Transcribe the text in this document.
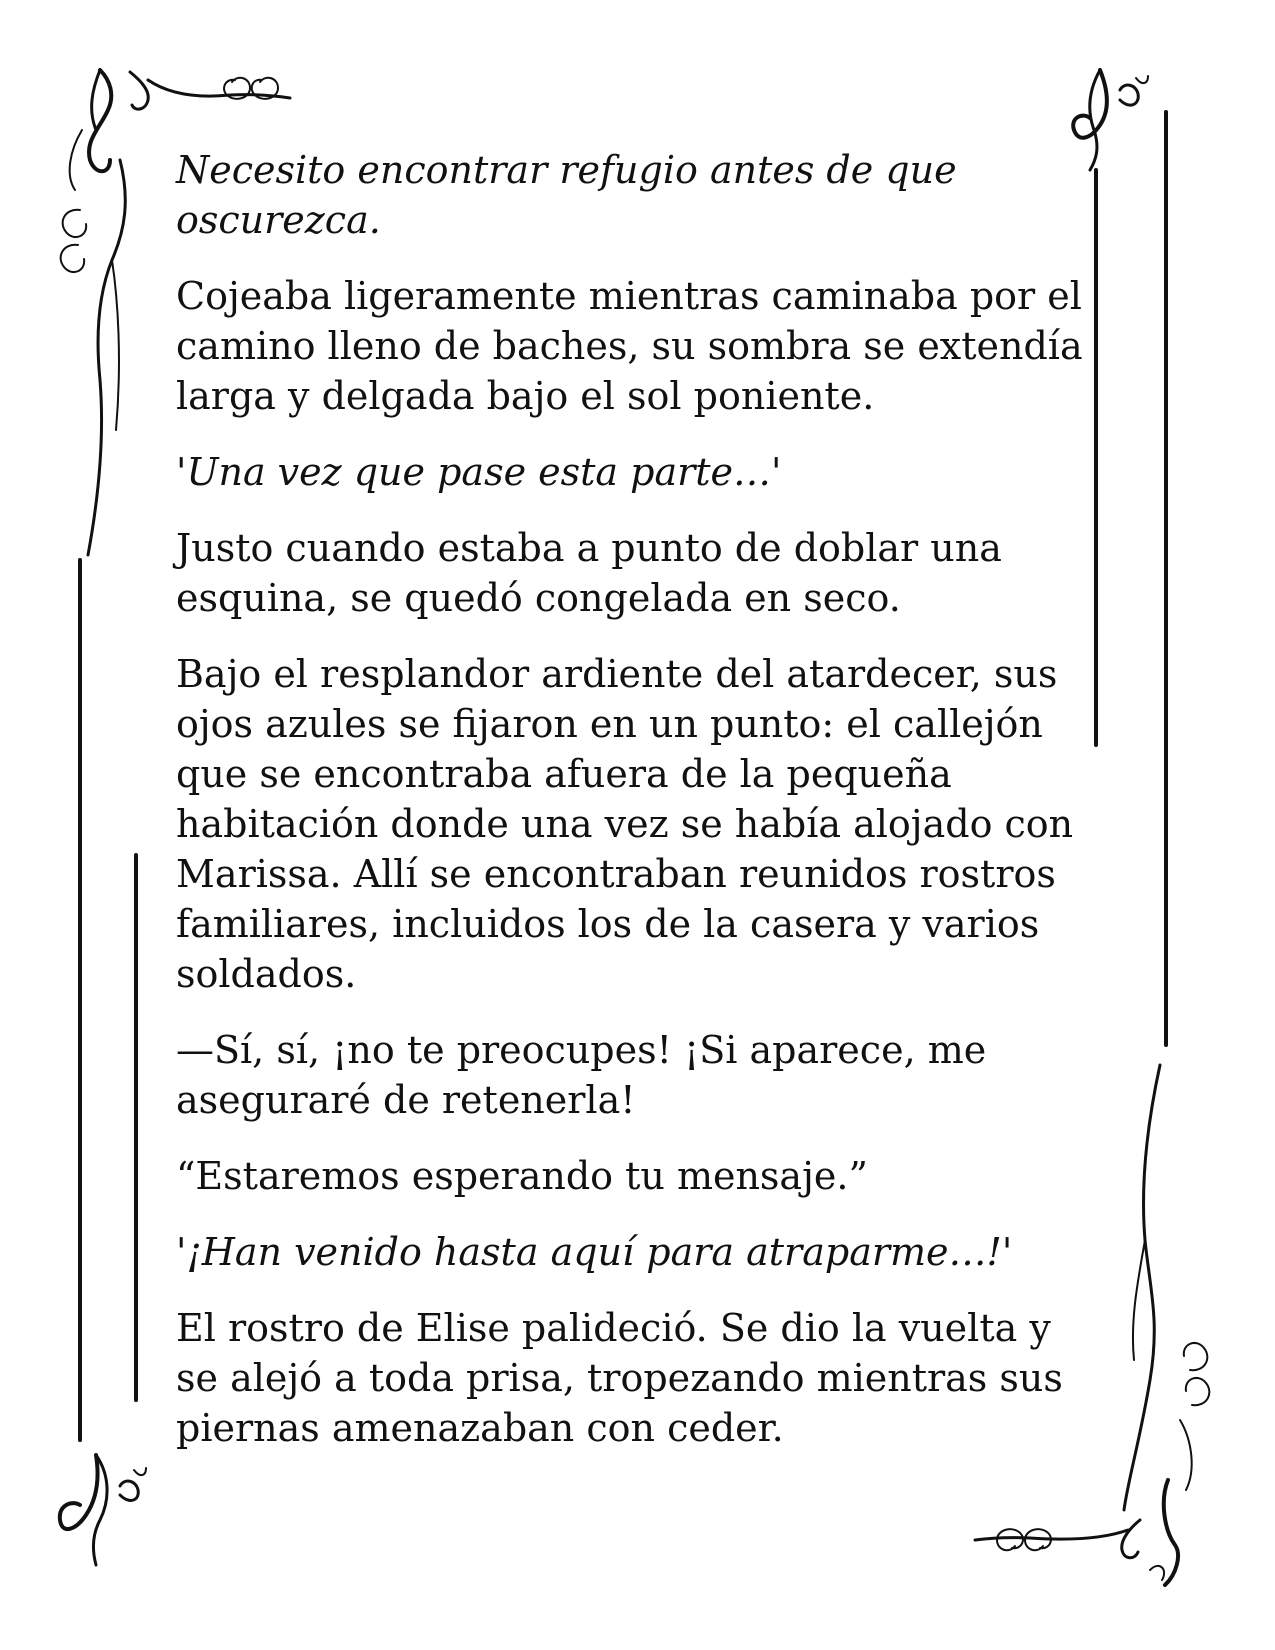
Necesito encontrar refugio antes de que
oscurezca.

Cojeaba ligeramente mientras caminaba por el
camino lleno de baches, su sombra se extendía
larga y delgada bajo el sol poniente.

'Una vez que pase esta parte…'

Justo cuando estaba a punto de doblar una
esquina, se quedó congelada en seco.

Bajo el resplandor ardiente del atardecer, sus
ojos azules se fijaron en un punto: el callejón
que se encontraba afuera de la pequeña
habitación donde una vez se había alojado con
Marissa. Allí se encontraban reunidos rostros
familiares, incluidos los de la casera y varios
soldados.

—Sí, sí, ¡no te preocupes! ¡Si aparece, me
aseguraré de retenerla!

“Estaremos esperando tu mensaje.”

'¡Han venido hasta aquí para atraparme…!'

El rostro de Elise palideció. Se dio la vuelta y
se alejó a toda prisa, tropezando mientras sus
piernas amenazaban con ceder.
